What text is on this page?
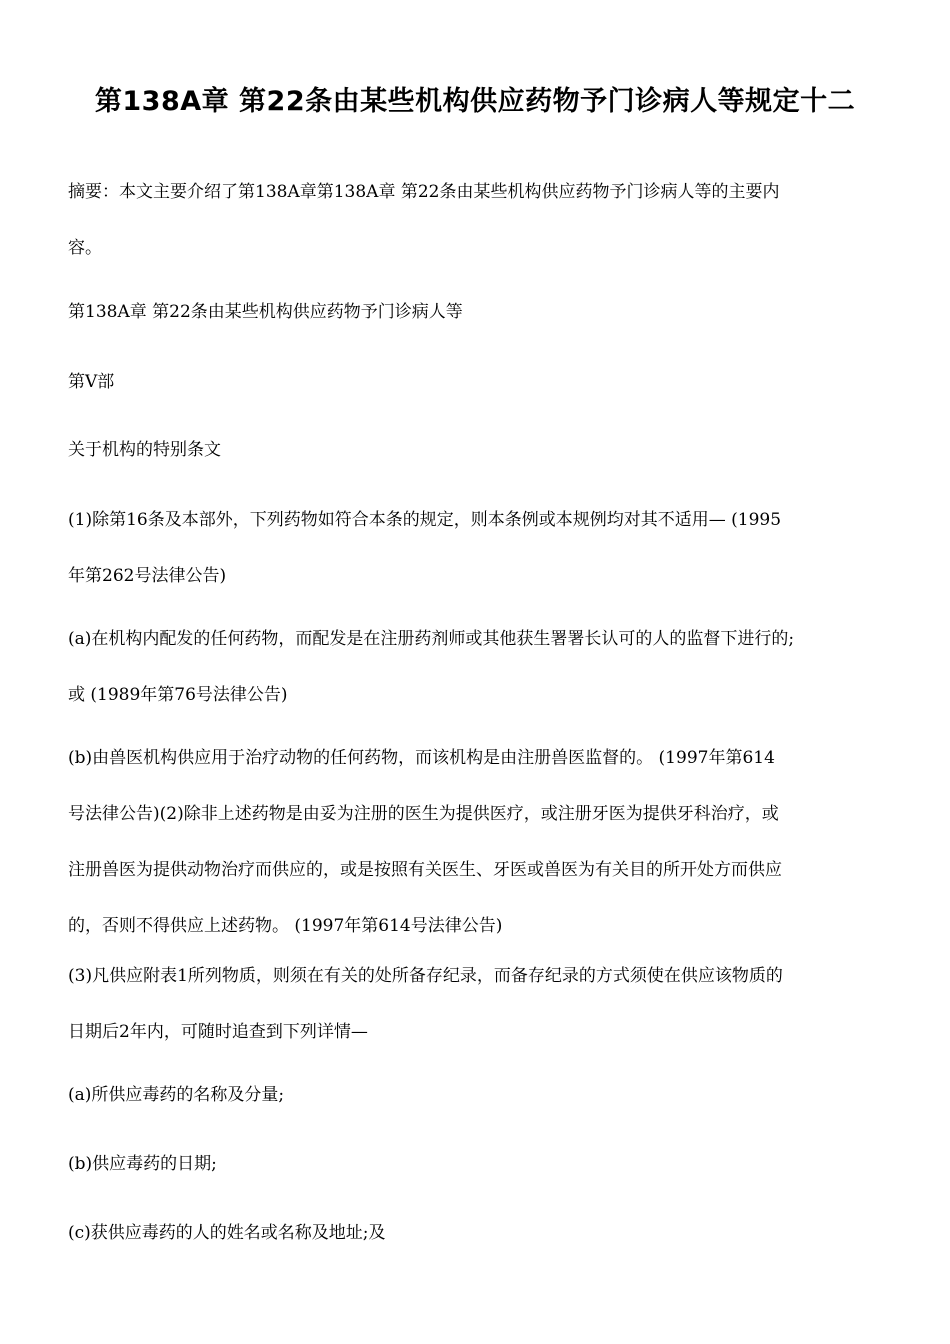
第138A章 第22条由某些机构供应药物予门诊病人等规定十二
摘要：本文主要介绍了第138A章第138A章 第22条由某些机构供应药物予门诊病人等的主要内
容。
第138A章 第22条由某些机构供应药物予门诊病人等
第V部
关于机构的特别条文
(1)除第16条及本部外，下列药物如符合本条的规定，则本条例或本规例均对其不适用— (1995
年第262号法律公告)
(a)在机构内配发的任何药物，而配发是在注册药剂师或其他获生署署长认可的人的监督下进行的;
或 (1989年第76号法律公告)
(b)由兽医机构供应用于治疗动物的任何药物，而该机构是由注册兽医监督的。 (1997年第614
号法律公告)(2)除非上述药物是由妥为注册的医生为提供医疗，或注册牙医为提供牙科治疗，或
注册兽医为提供动物治疗而供应的，或是按照有关医生、牙医或兽医为有关目的所开处方而供应
的，否则不得供应上述药物。 (1997年第614号法律公告)
(3)凡供应附表1所列物质，则须在有关的处所备存纪录，而备存纪录的方式须使在供应该物质的
日期后2年内，可随时追查到下列详情—
(a)所供应毒药的名称及分量;
(b)供应毒药的日期;
(c)获供应毒药的人的姓名或名称及地址;及
